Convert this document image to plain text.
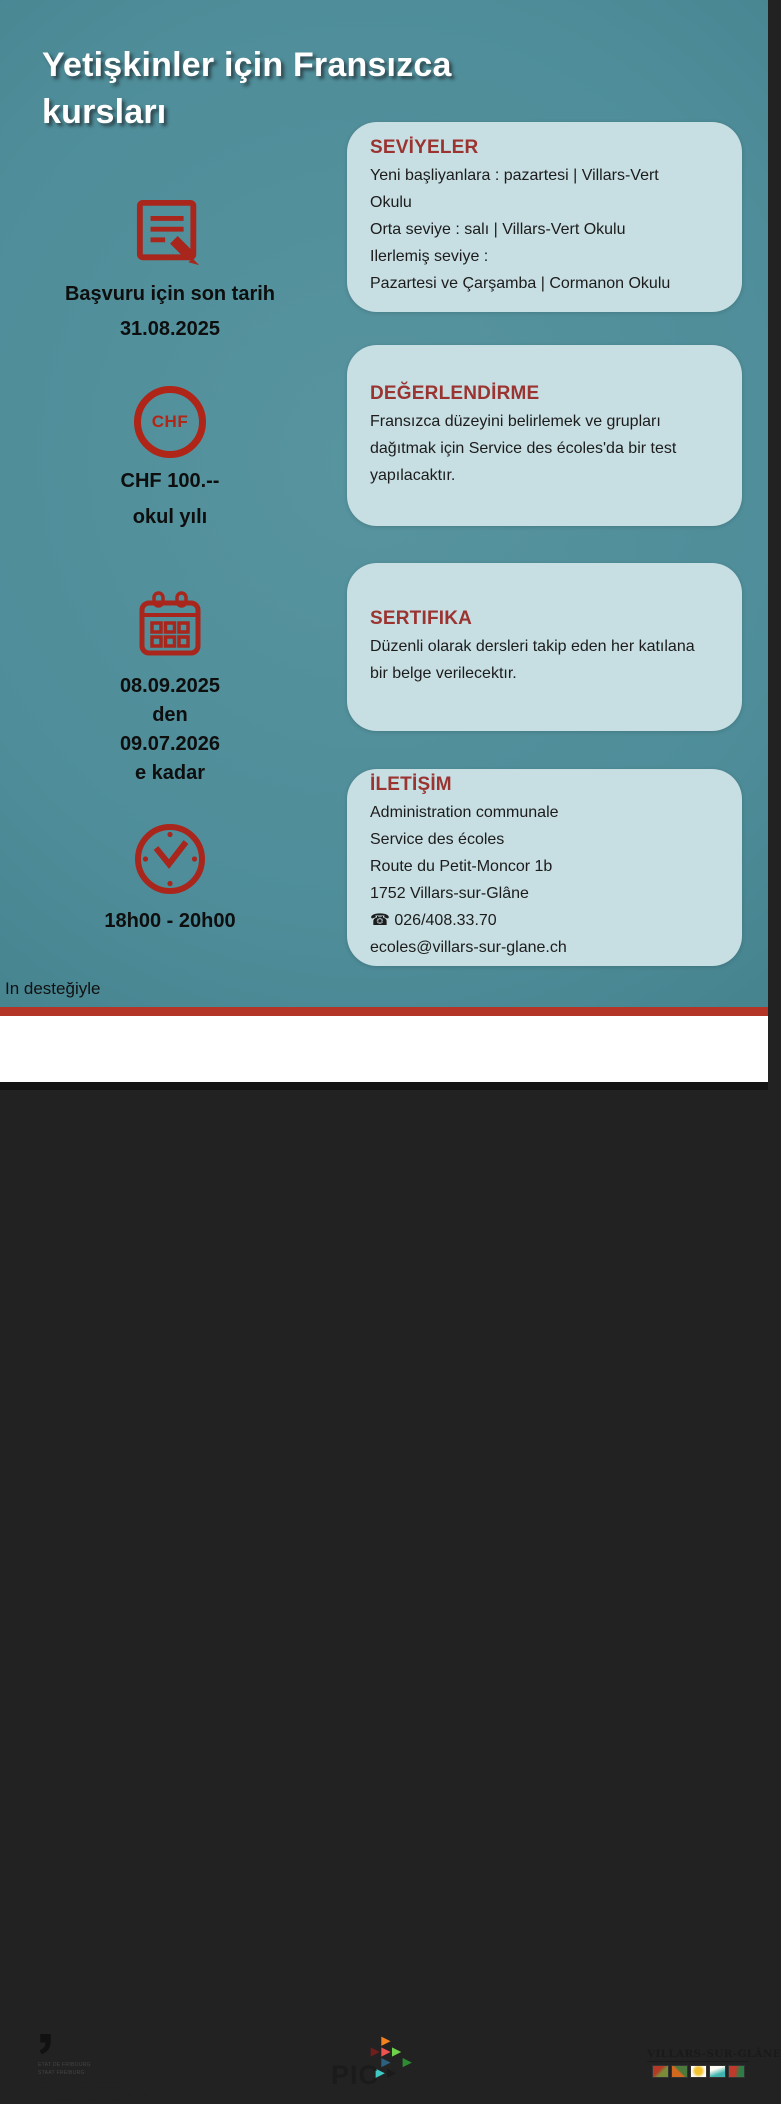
Yetişkinler için Fransızca
kursları
Başvuru için son tarih
31.08.2025
CHF
CHF 100.--
okul yılı
08.09.2025
den
09.07.2026
e kadar
18h00 - 20h00
SEVİYELER

Yeni başliyanlara : pazartesi | Villars-Vert

Okulu

Orta seviye : salı | Villars-Vert Okulu

Ilerlemiş seviye :

Pazartesi ve Çarşamba | Cormanon Okulu

DEĞERLENDİRME

Fransızca düzeyini belirlemek ve grupları

dağıtmak için Service des écoles'da bir test

yapılacaktır.

SERTIFIKA

Düzenli olarak dersleri takip eden her katılana

bir belge verilecektır.

İLETİŞİM

Administration communale

Service des écoles

Route du Petit-Moncor 1b

1752 Villars-sur-Glâne

☎ 026/408.33.70

ecoles@villars-sur-glane.ch

In desteğiyle
ETAT DE FRIBOURG
STAAT FREIBURG
Bureau de l'intégration des migrant-e-s
et de la prévention du racisme IMR
Fachstelle für die Integration der MigrantInnen
und für Rassismusprävention IMR
PIC
PROGRAMMES
D'INTÉGRATION CANTONAUX
VILLARS-SUR-GLÂNE
